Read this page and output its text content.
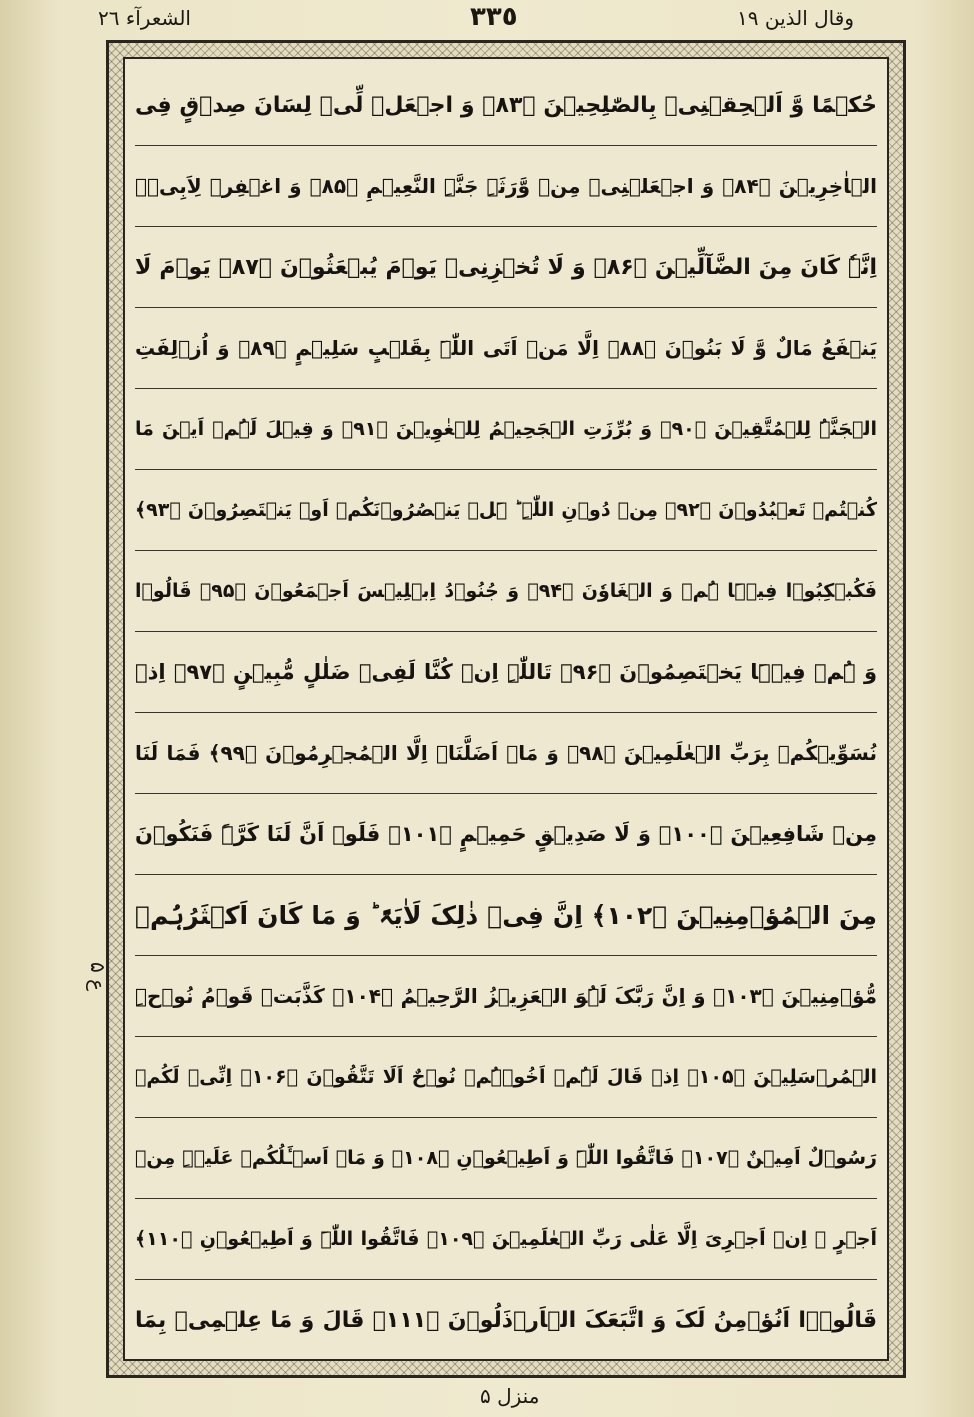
وقال الذين ١٩
٣٣٥
الشعرآء ٢٦
حُكۡمًا وَّ اَلۡحِقۡنِیۡ بِالصّٰلِحِیۡنَ ﴿۸۳﴾ وَ اجۡعَلۡ لِّیۡ لِسَانَ صِدۡقٍ فِی
الۡاٰخِرِیۡنَ ﴿۸۴﴾ وَ اجۡعَلۡنِیۡ مِنۡ وَّرَثَۃِ جَنَّۃِ النَّعِیۡمِ ﴿۸۵﴾ وَ اغۡفِرۡ لِاَبِیۡۤ
اِنَّہٗ کَانَ مِنَ الضَّآلِّیۡنَ ﴿۸۶﴾ وَ لَا تُخۡزِنِیۡ یَوۡمَ یُبۡعَثُوۡنَ ﴿۸۷﴾ یَوۡمَ لَا
یَنۡفَعُ مَالٌ وَّ لَا بَنُوۡنَ ﴿۸۸﴾ اِلَّا مَنۡ اَتَی اللّٰہَ بِقَلۡبٍ سَلِیۡمٍ ﴿۸۹﴾ وَ اُزۡلِفَتِ
الۡجَنَّۃُ لِلۡمُتَّقِیۡنَ ﴿۹۰﴾ وَ بُرِّزَتِ الۡجَحِیۡمُ لِلۡغٰوِیۡنَ ﴿۹۱﴾ وَ قِیۡلَ لَہُمۡ اَیۡنَ مَا
کُنۡتُمۡ تَعۡبُدُوۡنَ ﴿۹۲﴾ مِنۡ دُوۡنِ اللّٰہِ ؕ ہَلۡ یَنۡصُرُوۡنَکُمۡ اَوۡ یَنۡتَصِرُوۡنَ ﴿۹۳﴾
فَکُبۡکِبُوۡا فِیۡہَا ہُمۡ وَ الۡغَاوٗنَ ﴿۹۴﴾ وَ جُنُوۡدُ اِبۡلِیۡسَ اَجۡمَعُوۡنَ ﴿۹۵﴾ قَالُوۡا
وَ ہُمۡ فِیۡہَا یَخۡتَصِمُوۡنَ ﴿۹۶﴾ تَاللّٰہِ اِنۡ کُنَّا لَفِیۡ ضَلٰلٍ مُّبِیۡنٍ ﴿۹۷﴾ اِذۡ
نُسَوِّیۡکُمۡ بِرَبِّ الۡعٰلَمِیۡنَ ﴿۹۸﴾ وَ مَاۤ اَضَلَّنَاۤ اِلَّا الۡمُجۡرِمُوۡنَ ﴿۹۹﴾ فَمَا لَنَا
مِنۡ شَافِعِیۡنَ ﴿۱۰۰﴾ وَ لَا صَدِیۡقٍ حَمِیۡمٍ ﴿۱۰۱﴾ فَلَوۡ اَنَّ لَنَا کَرَّۃً فَنَکُوۡنَ
مِنَ الۡمُؤۡمِنِیۡنَ ﴿۱۰۲﴾ اِنَّ فِیۡ ذٰلِکَ لَاٰیَۃً ؕ وَ مَا کَانَ اَکۡثَرُہُمۡ
مُّؤۡمِنِیۡنَ ﴿۱۰۳﴾ وَ اِنَّ رَبَّکَ لَہُوَ الۡعَزِیۡزُ الرَّحِیۡمُ ﴿۱۰۴﴾ کَذَّبَتۡ قَوۡمُ نُوۡحِۣ
الۡمُرۡسَلِیۡنَ ﴿۱۰۵﴾ اِذۡ قَالَ لَہُمۡ اَخُوۡہُمۡ نُوۡحٌ اَلَا تَتَّقُوۡنَ ﴿۱۰۶﴾ اِنِّیۡ لَکُمۡ
رَسُوۡلٌ اَمِیۡنٌ ﴿۱۰۷﴾ فَاتَّقُوا اللّٰہَ وَ اَطِیۡعُوۡنِ ﴿۱۰۸﴾ وَ مَاۤ اَسۡـَٔلُکُمۡ عَلَیۡہِ مِنۡ
اَجۡرٍ ۚ اِنۡ اَجۡرِیَ اِلَّا عَلٰی رَبِّ الۡعٰلَمِیۡنَ ﴿۱۰۹﴾ فَاتَّقُوا اللّٰہَ وَ اَطِیۡعُوۡنِ ﴿۱۱۰﴾
قَالُوۡۤا اَنُؤۡمِنُ لَکَ وَ اتَّبَعَکَ الۡاَرۡذَلُوۡنَ ﴿۱۱۱﴾ قَالَ وَ مَا عِلۡمِیۡ بِمَا
ع ۵
منزل ۵
